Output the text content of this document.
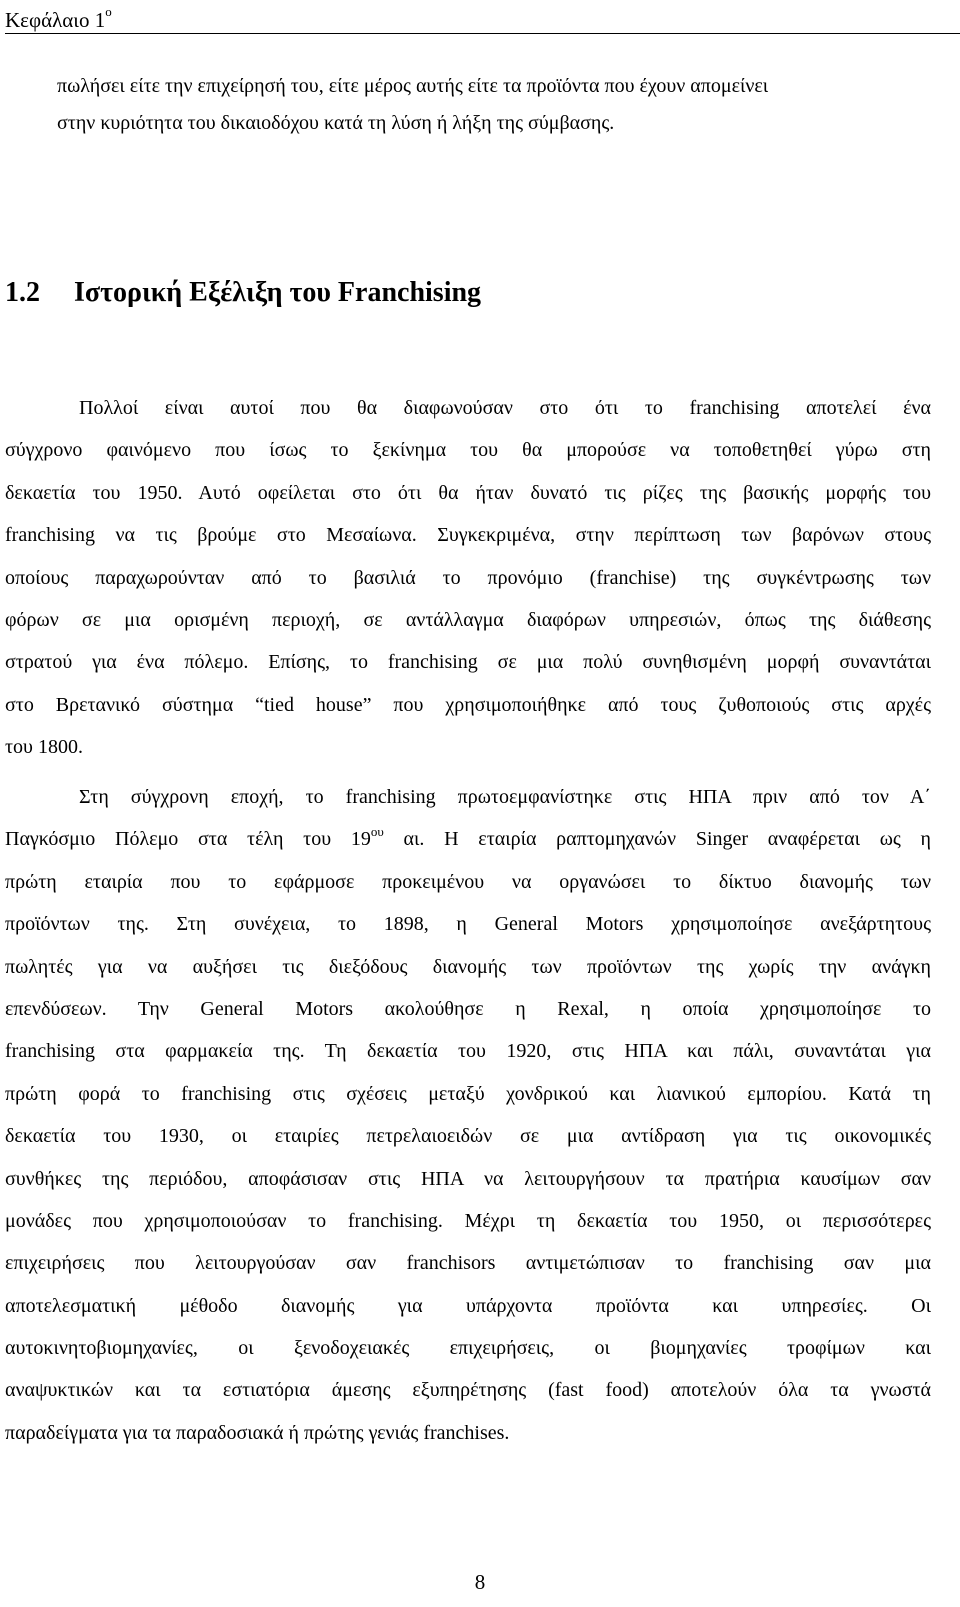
Κεφάλαιο $1^o$
πωλήσει είτε την επιχείρησή του, είτε μέρος αυτής είτε τα προϊόντα που έχουν απομείνει
στην κυριότητα του δικαιοδόχου κατά τη λύση ή λήξη της σύμβασης.
1.2 Ιστορική Εξέλιξη του Franchising
Πολλοί είναι αυτοί που θα διαφωνούσαν στο ότι το franchising αποτελεί ένα
σύγχρονο φαινόμενο που ίσως το ξεκίνημα του θα μπορούσε να τοποθετηθεί γύρω στη
δεκαετία του 1950. Αυτό οφείλεται στο ότι θα ήταν δυνατό τις ρίζες της βασικής μορφής του
franchising να τις βρούμε στο Μεσαίωνα. Συγκεκριμένα, στην περίπτωση των βαρόνων στους
οποίους παραχωρούνταν από το βασιλιά το προνόμιο (franchise) της συγκέντρωσης των
φόρων σε μια ορισμένη περιοχή, σε αντάλλαγμα διαφόρων υπηρεσιών, όπως της διάθεσης
στρατού για ένα πόλεμο. Επίσης, το franchising σε μια πολύ συνηθισμένη μορφή συναντάται
στο Βρετανικό σύστημα “tied house” που χρησιμοποιήθηκε από τους ζυθοποιούς στις αρχές
του 1800.
Στη σύγχρονη εποχή, το franchising πρωτοεμφανίστηκε στις ΗΠΑ πριν από τον Α΄
Παγκόσμιο Πόλεμο στα τέλη του $19^{o\upsilon}$ αι. Η εταιρία ραπτομηχανών Singer αναφέρεται ως η
πρώτη εταιρία που το εφάρμοσε προκειμένου να οργανώσει το δίκτυο διανομής των
προϊόντων της. Στη συνέχεια, το 1898, η General Motors χρησιμοποίησε ανεξάρτητους
πωλητές για να αυξήσει τις διεξόδους διανομής των προϊόντων της χωρίς την ανάγκη
επενδύσεων. Την General Motors ακολούθησε η Rexal, η οποία χρησιμοποίησε το
franchising στα φαρμακεία της. Τη δεκαετία του 1920, στις ΗΠΑ και πάλι, συναντάται για
πρώτη φορά το franchising στις σχέσεις μεταξύ χονδρικού και λιανικού εμπορίου. Κατά τη
δεκαετία του 1930, οι εταιρίες πετρελαιοειδών σε μια αντίδραση για τις οικονομικές
συνθήκες της περιόδου, αποφάσισαν στις ΗΠΑ να λειτουργήσουν τα πρατήρια καυσίμων σαν
μονάδες που χρησιμοποιούσαν το franchising. Μέχρι τη δεκαετία του 1950, οι περισσότερες
επιχειρήσεις που λειτουργούσαν σαν franchisors αντιμετώπισαν το franchising σαν μια
αποτελεσματική μέθοδο διανομής για υπάρχοντα προϊόντα και υπηρεσίες. Οι
αυτοκινητοβιομηχανίες, οι ξενοδοχειακές επιχειρήσεις, οι βιομηχανίες τροφίμων και
αναψυκτικών και τα εστιατόρια άμεσης εξυπηρέτησης (fast food) αποτελούν όλα τα γνωστά
παραδείγματα για τα παραδοσιακά ή πρώτης γενιάς franchises.
8
